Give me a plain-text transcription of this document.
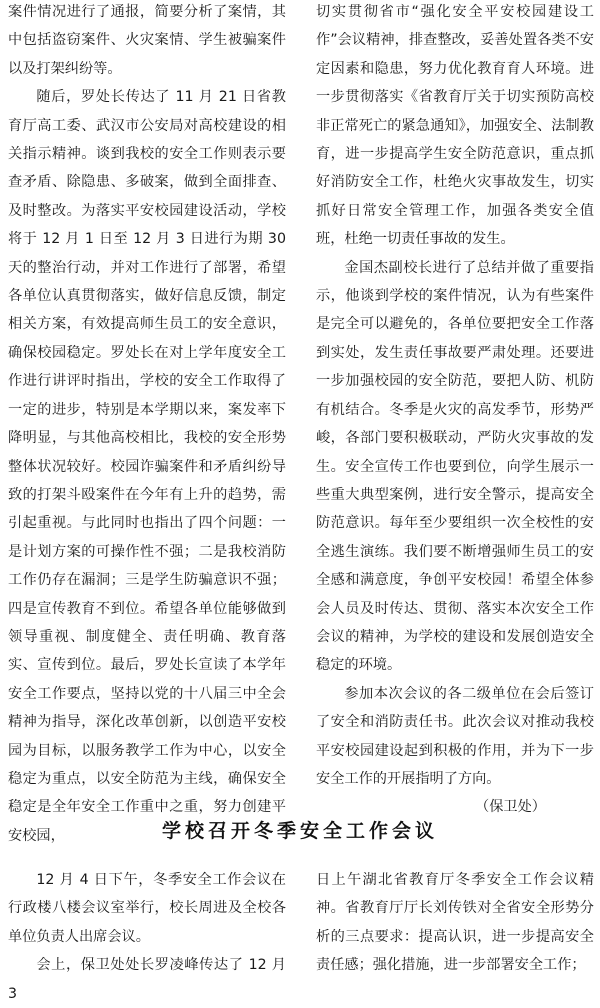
案件情况进行了通报，简要分析了案情，其中包括盗窃案件、火灾案情、学生被骗案件以及打架纠纷等。

随后，罗处长传达了 11 月 21 日省教育厅高工委、武汉市公安局对高校建设的相关指示精神。谈到我校的安全工作则表示要查矛盾、除隐患、多破案，做到全面排查、及时整改。为落实平安校园建设活动，学校将于 12 月 1 日至 12 月 3 日进行为期 30 天的整治行动，并对工作进行了部署，希望各单位认真贯彻落实，做好信息反馈，制定相关方案，有效提高师生员工的安全意识，确保校园稳定。罗处长在对上学年度安全工作进行讲评时指出，学校的安全工作取得了一定的进步，特别是本学期以来，案发率下降明显，与其他高校相比，我校的安全形势整体状况较好。校园诈骗案件和矛盾纠纷导致的打架斗殴案件在今年有上升的趋势，需引起重视。与此同时也指出了四个问题：一是计划方案的可操作性不强；二是我校消防工作仍存在漏洞；三是学生防骗意识不强；四是宣传教育不到位。希望各单位能够做到领导重视、制度健全、责任明确、教育落实、宣传到位。最后，罗处长宣读了本学年安全工作要点，坚持以党的十八届三中全会精神为指导，深化改革创新，以创造平安校园为目标，以服务教学工作为中心，以安全稳定为重点，以安全防范为主线，确保安全稳定是全年安全工作重中之重，努力创建平安校园，

切实贯彻省市“强化安全平安校园建设工作”会议精神，排查整改，妥善处置各类不安定因素和隐患，努力优化教育育人环境。进一步贯彻落实《省教育厅关于切实预防高校非正常死亡的紧急通知》，加强安全、法制教育，进一步提高学生安全防范意识，重点抓好消防安全工作，杜绝火灾事故发生，切实抓好日常安全管理工作，加强各类安全值班，杜绝一切责任事故的发生。

金国杰副校长进行了总结并做了重要指示，他谈到学校的案件情况，认为有些案件是完全可以避免的，各单位要把安全工作落到实处，发生责任事故要严肃处理。还要进一步加强校园的安全防范，要把人防、机防有机结合。冬季是火灾的高发季节，形势严峻，各部门要积极联动，严防火灾事故的发生。安全宣传工作也要到位，向学生展示一些重大典型案例，进行安全警示，提高安全防范意识。每年至少要组织一次全校性的安全逃生演练。我们要不断增强师生员工的安全感和满意度，争创平安校园！希望全体参会人员及时传达、贯彻、落实本次安全工作会议的精神，为学校的建设和发展创造安全稳定的环境。

参加本次会议的各二级单位在会后签订了安全和消防责任书。此次会议对推动我校平安校园建设起到积极的作用，并为下一步安全工作的开展指明了方向。

（保卫处）

学校召开冬季安全工作会议

12 月 4 日下午，冬季安全工作会议在行政楼八楼会议室举行，校长周进及全校各单位负责人出席会议。

会上，保卫处处长罗凌峰传达了 12 月 3

日上午湖北省教育厅冬季安全工作会议精神。省教育厅厅长刘传铁对全省安全形势分析的三点要求：提高认识，进一步提高安全责任感；强化措施，进一步部署安全工作；
